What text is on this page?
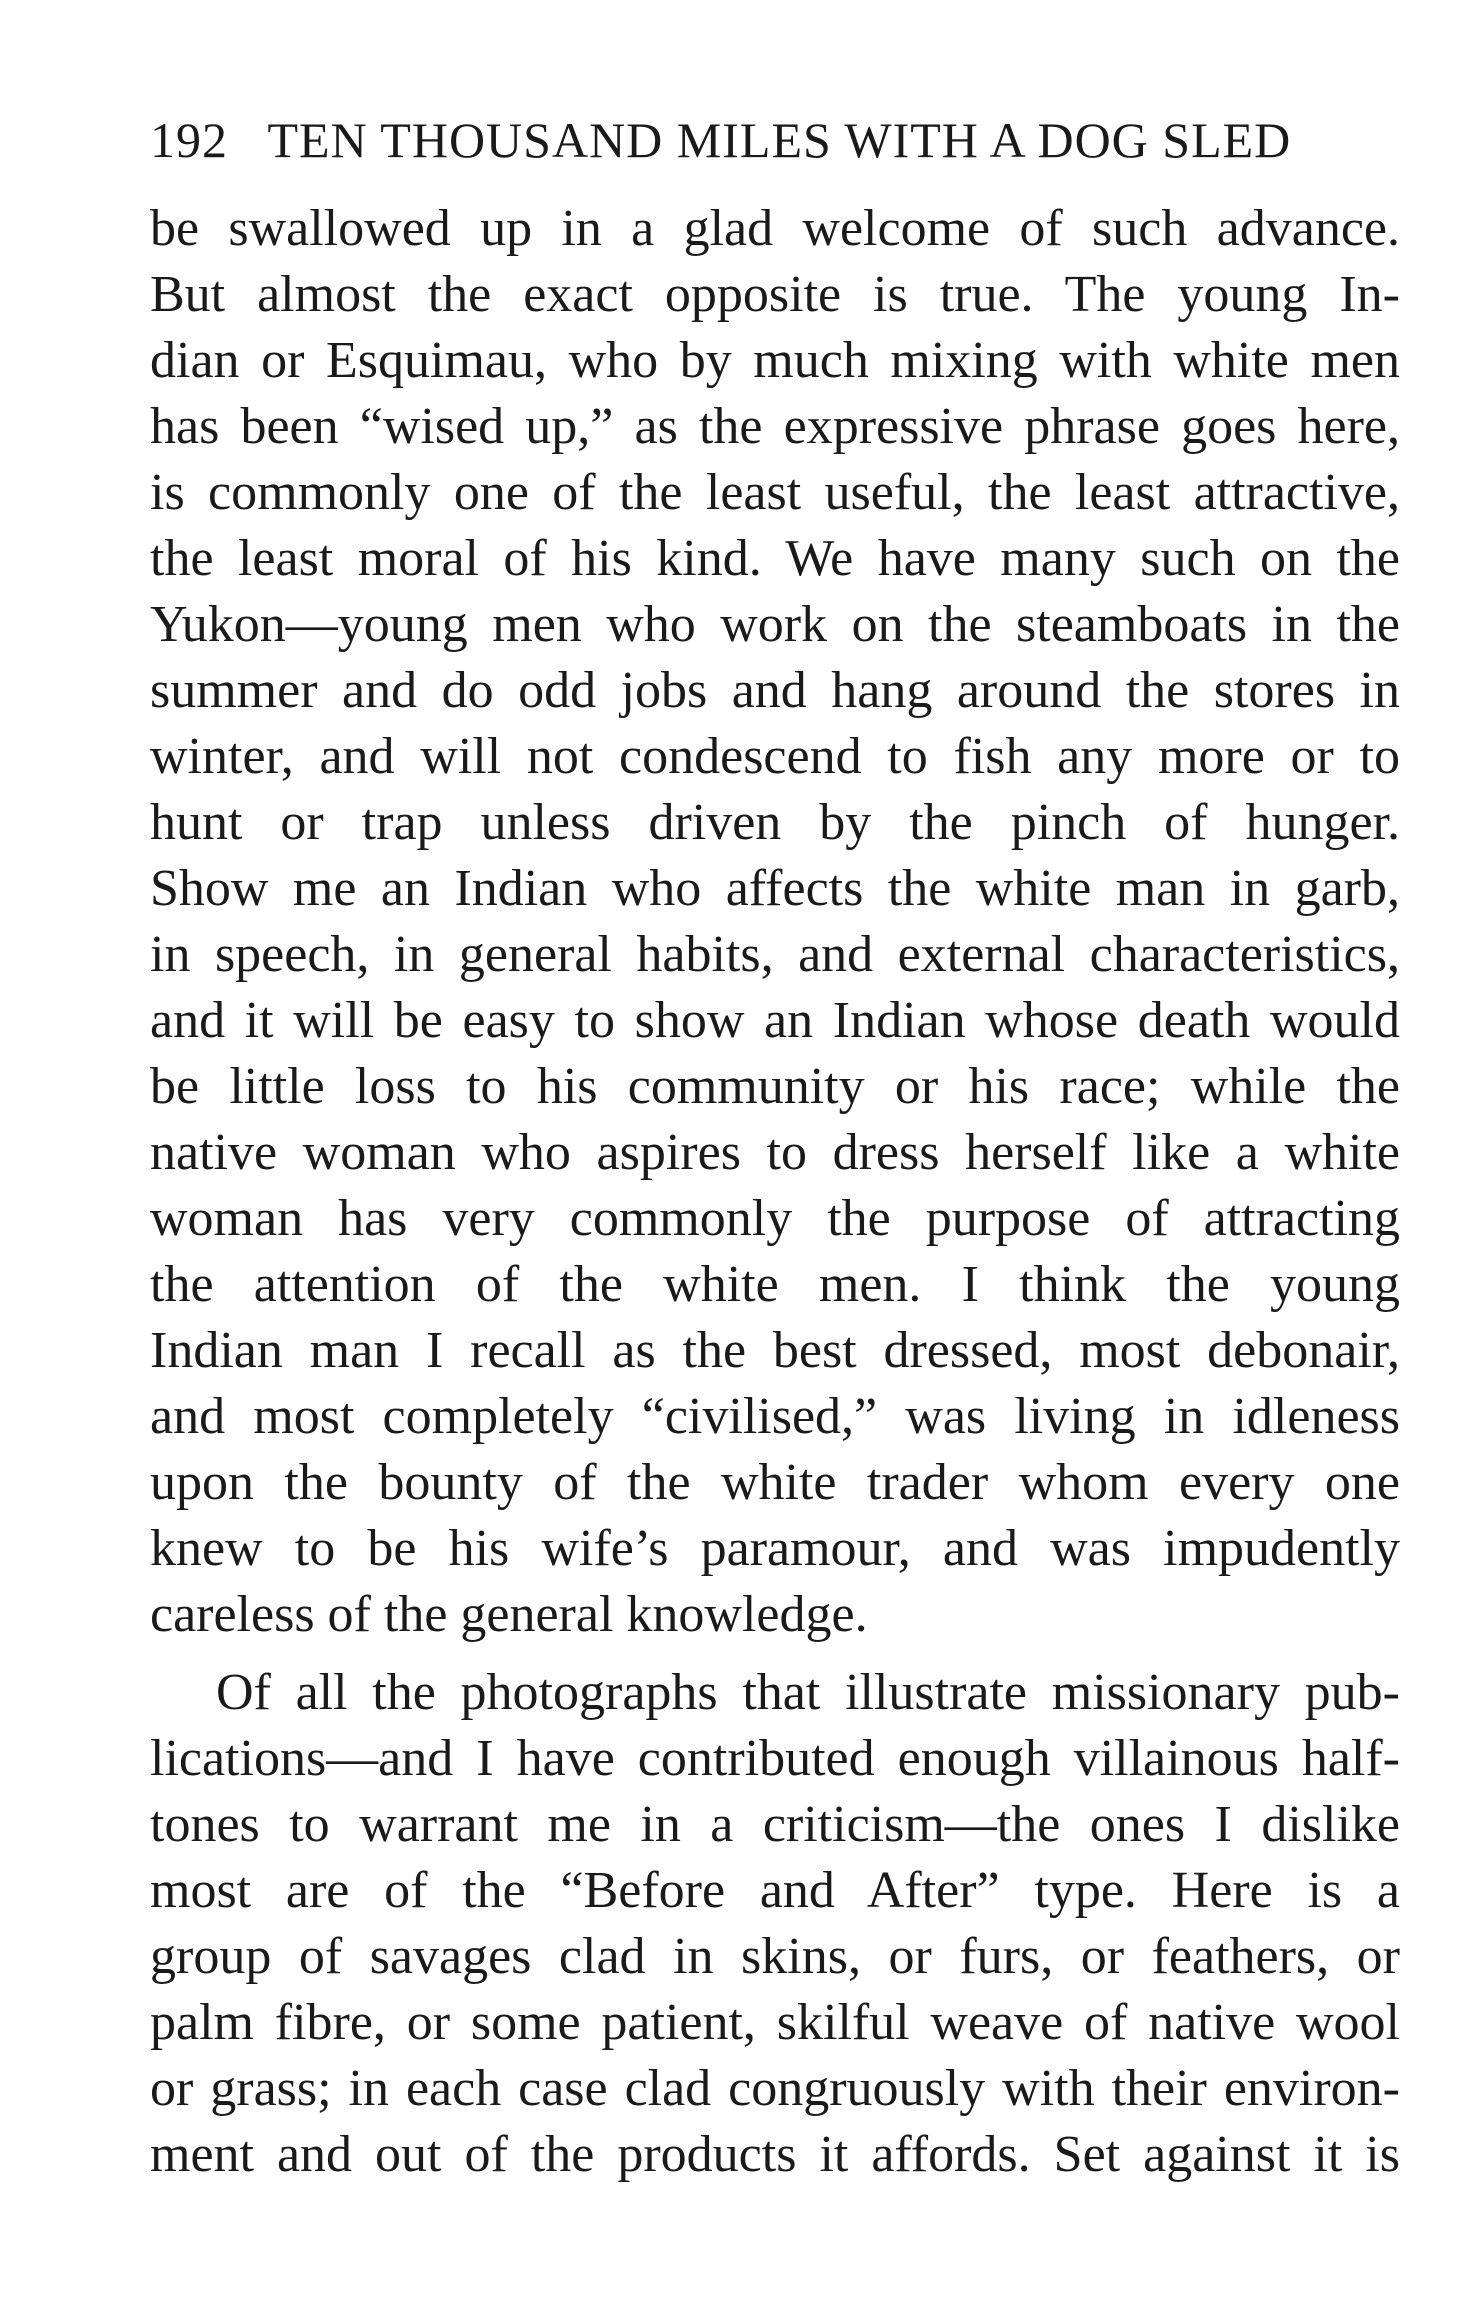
192 TEN THOUSAND MILES WITH A DOG SLED
be swallowed up in a glad welcome of such advance.
But almost the exact opposite is true. The young In-
dian or Esquimau, who by much mixing with white men
has been “wised up,” as the expressive phrase goes here,
is commonly one of the least useful, the least attractive,
the least moral of his kind. We have many such on the
Yukon—young men who work on the steamboats in the
summer and do odd jobs and hang around the stores in
winter, and will not condescend to fish any more or to
hunt or trap unless driven by the pinch of hunger.
Show me an Indian who affects the white man in garb,
in speech, in general habits, and external characteristics,
and it will be easy to show an Indian whose death would
be little loss to his community or his race; while the
native woman who aspires to dress herself like a white
woman has very commonly the purpose of attracting
the attention of the white men. I think the young
Indian man I recall as the best dressed, most debonair,
and most completely “civilised,” was living in idleness
upon the bounty of the white trader whom every one
knew to be his wife’s paramour, and was impudently
careless of the general knowledge.
Of all the photographs that illustrate missionary pub-
lications—and I have contributed enough villainous half-
tones to warrant me in a criticism—the ones I dislike
most are of the “Before and After” type. Here is a
group of savages clad in skins, or furs, or feathers, or
palm fibre, or some patient, skilful weave of native wool
or grass; in each case clad congruously with their environ-
ment and out of the products it affords. Set against it is
